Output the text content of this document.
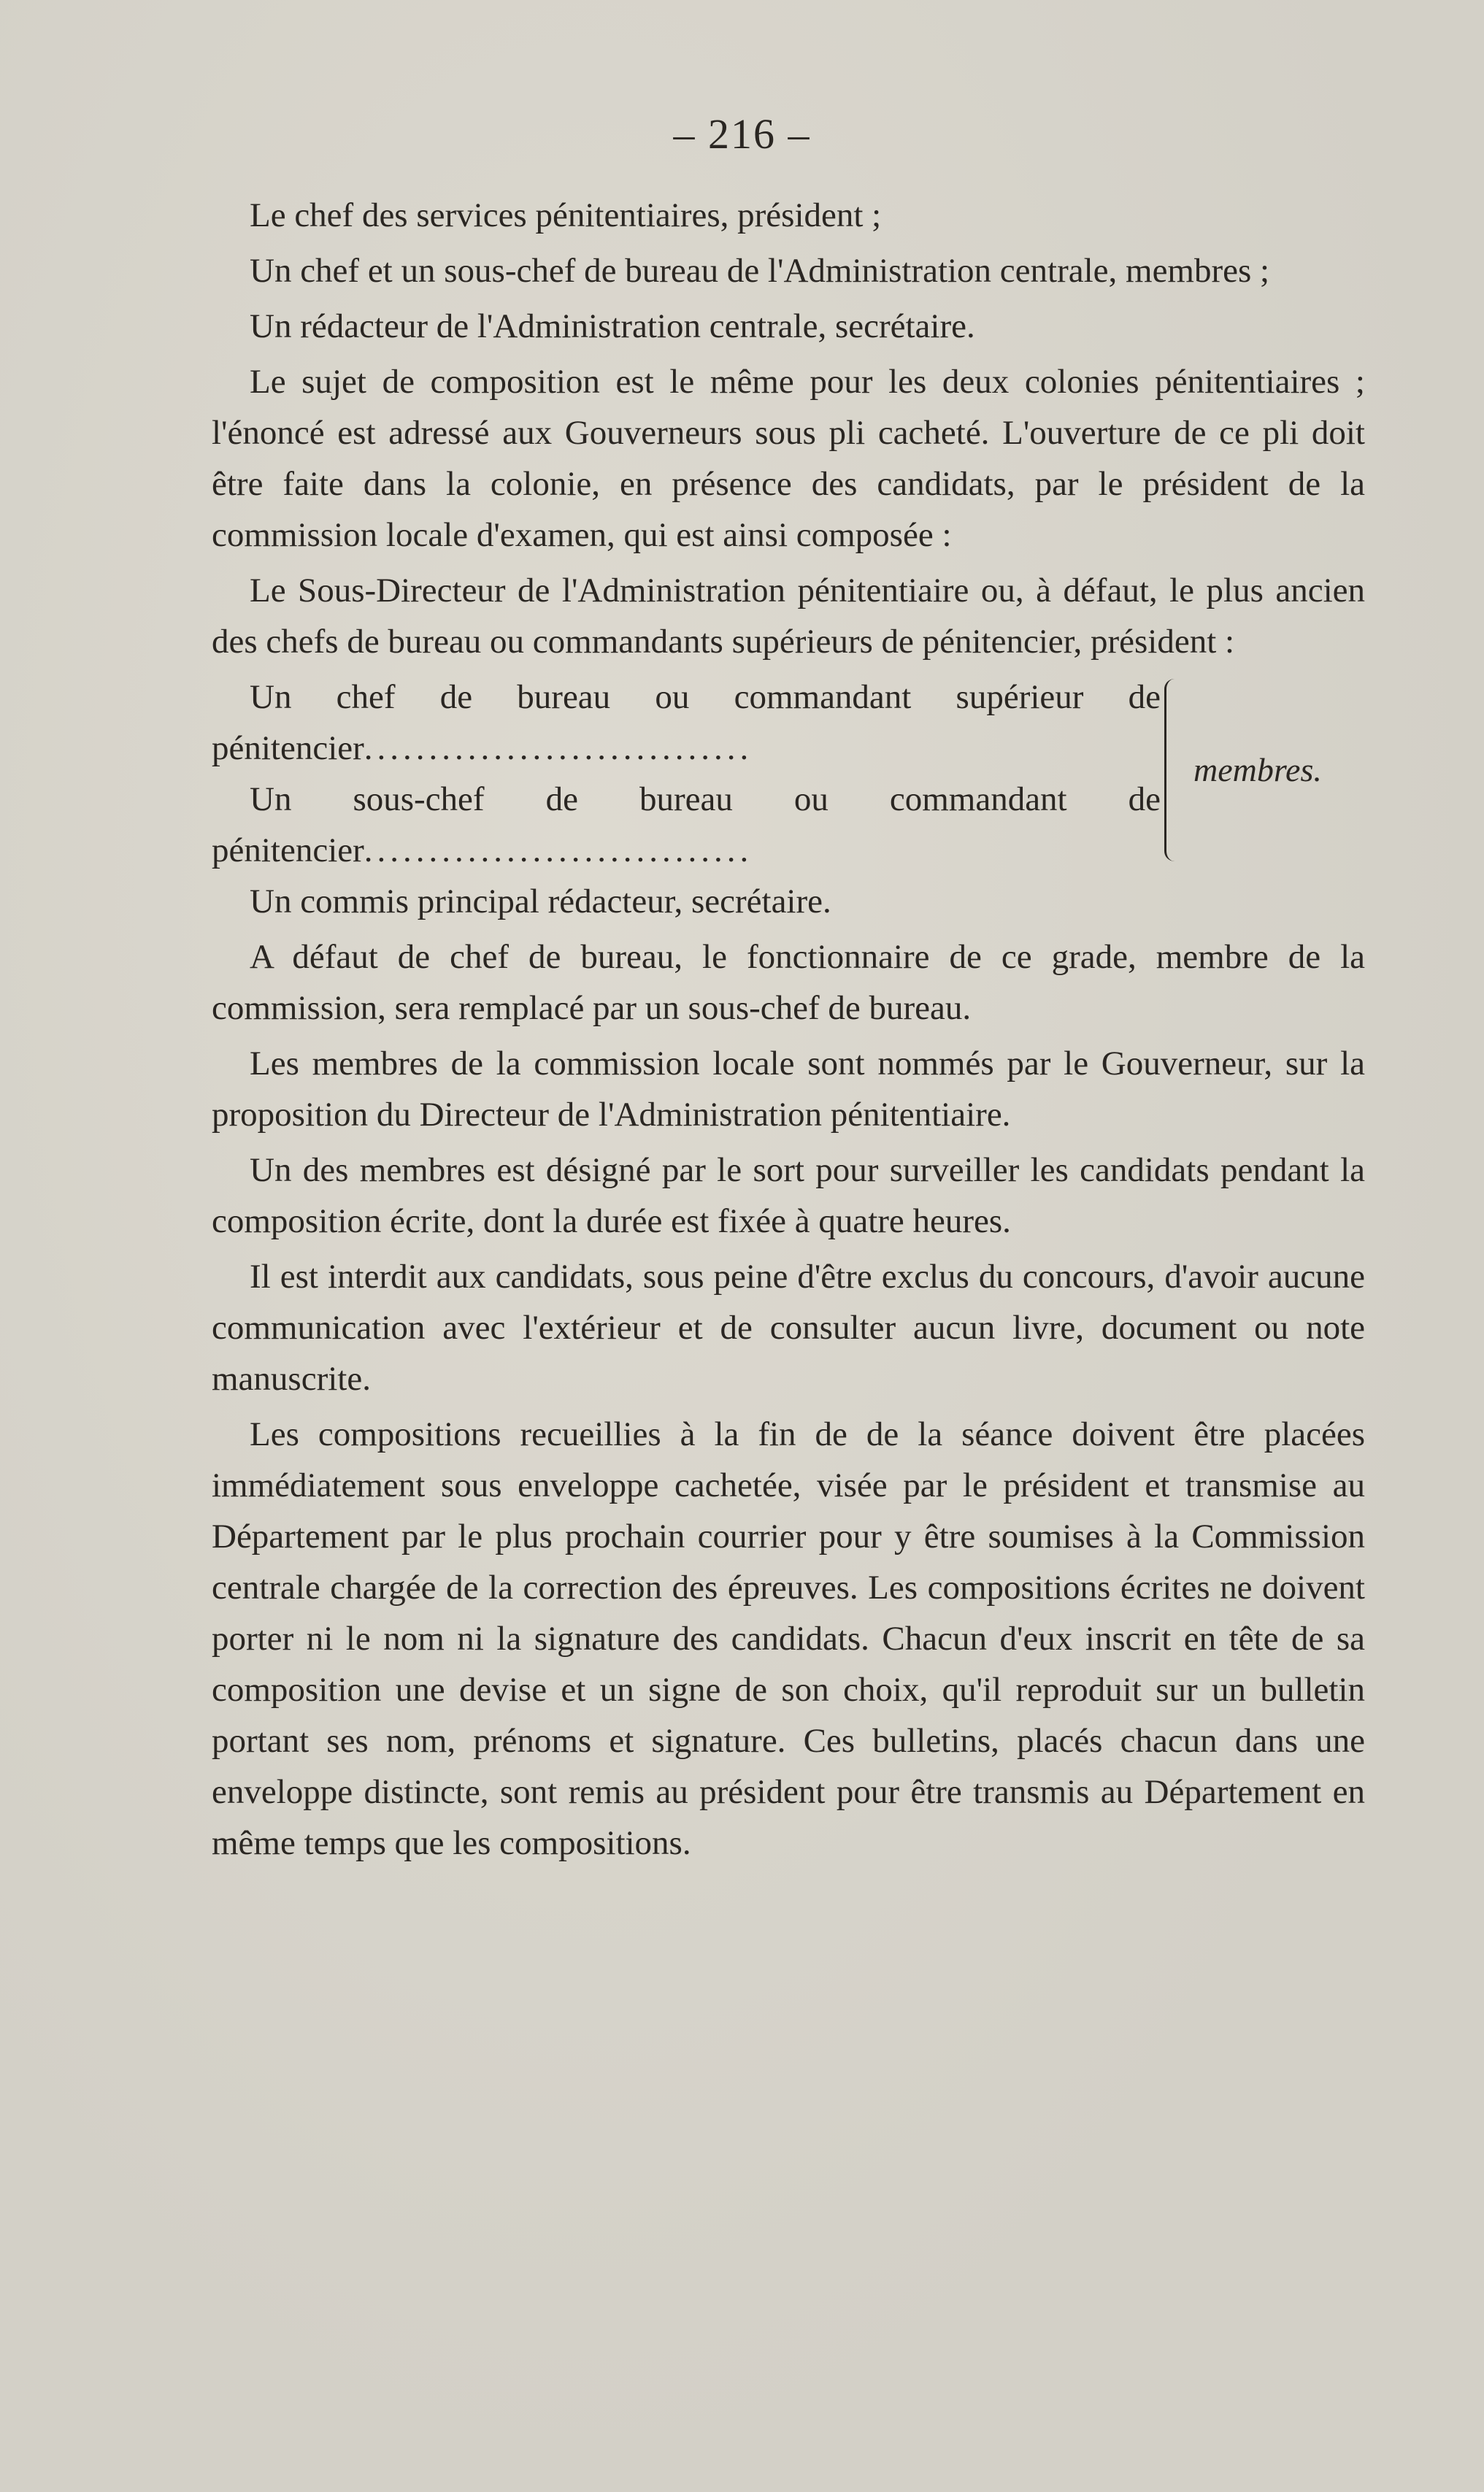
– 216 –

Le chef des services pénitentiaires, président ;

Un chef et un sous-chef de bureau de l'Administration centrale, membres ;

Un rédacteur de l'Administration centrale, secrétaire.

Le sujet de composition est le même pour les deux colonies pénitentiaires ; l'énoncé est adressé aux Gouverneurs sous pli cacheté. L'ouverture de ce pli doit être faite dans la colonie, en présence des candidats, par le président de la commission locale d'examen, qui est ainsi composée :

Le Sous-Directeur de l'Administration pénitentiaire ou, à défaut, le plus ancien des chefs de bureau ou commandants supérieurs de pénitencier, président :

Un chef de bureau ou commandant supérieur de pénitencier..............................

Un sous-chef de bureau ou commandant de pénitencier..............................

membres.

Un commis principal rédacteur, secrétaire.

A défaut de chef de bureau, le fonctionnaire de ce grade, membre de la commission, sera remplacé par un sous-chef de bureau.

Les membres de la commission locale sont nommés par le Gouverneur, sur la proposition du Directeur de l'Administration pénitentiaire.

Un des membres est désigné par le sort pour surveiller les candidats pendant la composition écrite, dont la durée est fixée à quatre heures.

Il est interdit aux candidats, sous peine d'être exclus du concours, d'avoir aucune communication avec l'extérieur et de consulter aucun livre, document ou note manuscrite.

Les compositions recueillies à la fin de de la séance doivent être placées immédiatement sous enveloppe cachetée, visée par le président et transmise au Département par le plus prochain courrier pour y être soumises à la Commission centrale chargée de la correction des épreuves. Les compositions écrites ne doivent porter ni le nom ni la signature des candidats. Chacun d'eux inscrit en tête de sa composition une devise et un signe de son choix, qu'il reproduit sur un bulletin portant ses nom, prénoms et signature. Ces bulletins, placés chacun dans une enveloppe distincte, sont remis au président pour être transmis au Département en même temps que les compositions.
